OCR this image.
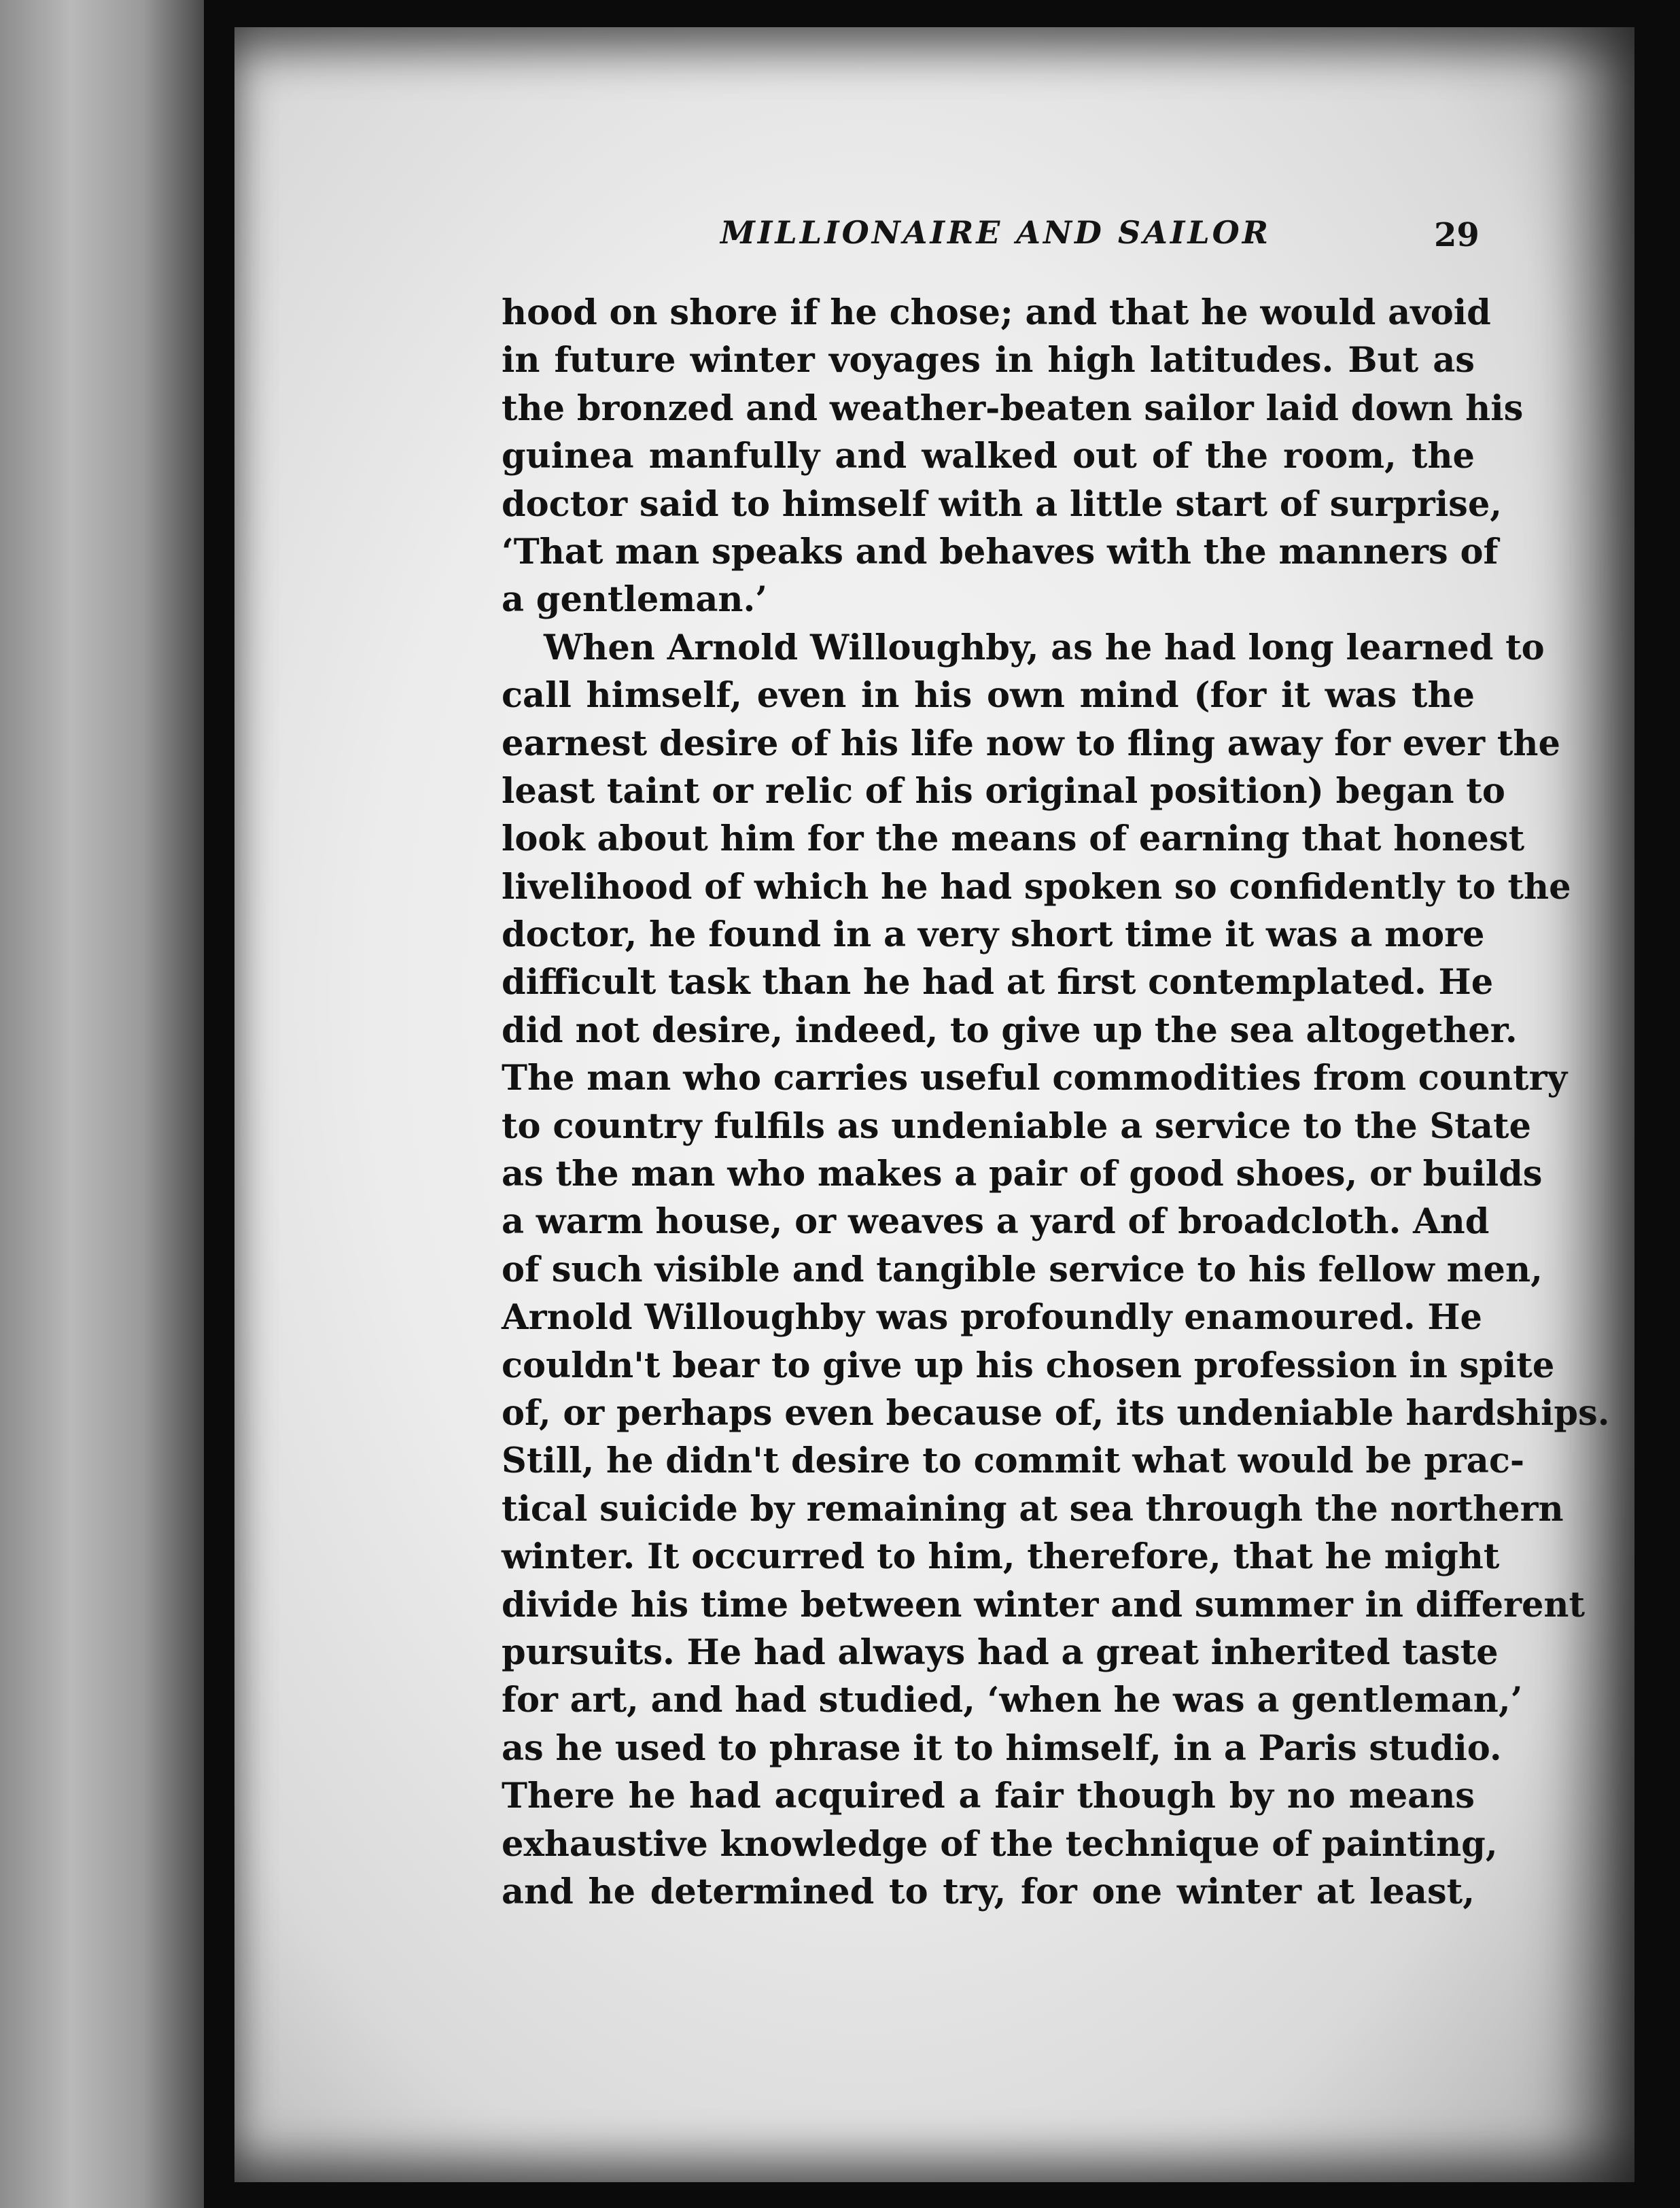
MILLIONAIRE AND SAILOR	29
hood on shore if he chose; and that he would avoid
in future winter voyages in high latitudes. But as
the bronzed and weather-beaten sailor laid down his
guinea manfully and walked out of the room, the
doctor said to himself with a little start of surprise,
‘That man speaks and behaves with the manners of
a gentleman.’
When Arnold Willoughby, as he had long learned to
call himself, even in his own mind (for it was the
earnest desire of his life now to fling away for ever the
least taint or relic of his original position) began to
look about him for the means of earning that honest
livelihood of which he had spoken so confidently to the
doctor, he found in a very short time it was a more
difficult task than he had at first contemplated. He
did not desire, indeed, to give up the sea altogether.
The man who carries useful commodities from country
to country fulfils as undeniable a service to the State
as the man who makes a pair of good shoes, or builds
a warm house, or weaves a yard of broadcloth. And
of such visible and tangible service to his fellow men,
Arnold Willoughby was profoundly enamoured. He
couldn't bear to give up his chosen profession in spite
of, or perhaps even because of, its undeniable hardships.
Still, he didn't desire to commit what would be prac-
tical suicide by remaining at sea through the northern
winter. It occurred to him, therefore, that he might
divide his time between winter and summer in different
pursuits. He had always had a great inherited taste
for art, and had studied, ‘when he was a gentleman,’
as he used to phrase it to himself, in a Paris studio.
There he had acquired a fair though by no means
exhaustive knowledge of the technique of painting,
and he determined to try, for one winter at least,
